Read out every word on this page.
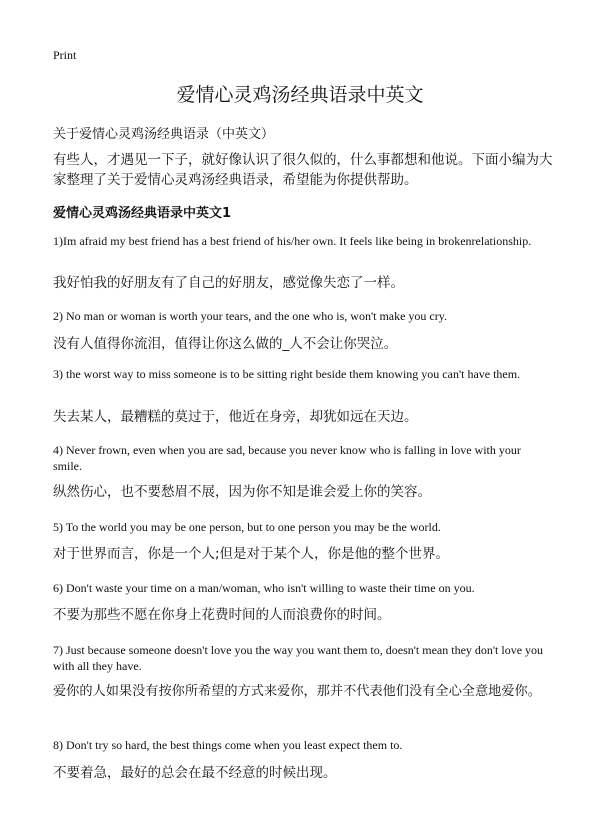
Print
爱情心灵鸡汤经典语录中英文
关于爱情心灵鸡汤经典语录（中英文）
有些人，才遇见一下子，就好像认识了很久似的，什么事都想和他说。下面小编为大家整理了关于爱情心灵鸡汤经典语录，希望能为你提供帮助。
爱情心灵鸡汤经典语录中英文1
1)Im afraid my best friend has a best friend of his/her own. It feels like being in brokenrelationship.
我好怕我的好朋友有了自己的好朋友，感觉像失恋了一样。
2) No man or woman is worth your tears, and the one who is, won't make you cry.
没有人值得你流泪，值得让你这么做的_人不会让你哭泣。
3) the worst way to miss someone is to be sitting right beside them knowing you can't have them.
失去某人，最糟糕的莫过于，他近在身旁，却犹如远在天边。
4) Never frown, even when you are sad, because you never know who is falling in love with your smile.
纵然伤心，也不要愁眉不展，因为你不知是谁会爱上你的笑容。
5) To the world you may be one person, but to one person you may be the world.
对于世界而言，你是一个人;但是对于某个人，你是他的整个世界。
6) Don't waste your time on a man/woman, who isn't willing to waste their time on you.
不要为那些不愿在你身上花费时间的人而浪费你的时间。
7) Just because someone doesn't love you the way you want them to, doesn't mean they don't love you with all they have.
爱你的人如果没有按你所希望的方式来爱你，那并不代表他们没有全心全意地爱你。
8) Don't try so hard, the best things come when you least expect them to.
不要着急，最好的总会在最不经意的时候出现。
